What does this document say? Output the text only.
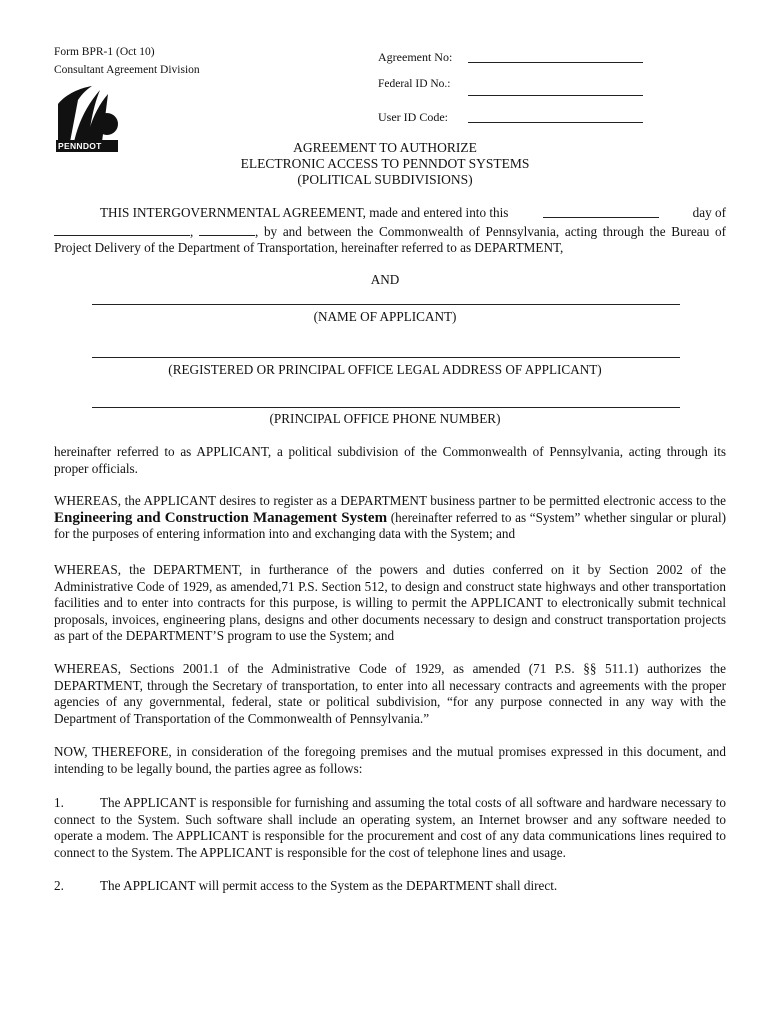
Form BPR-1 (Oct 10)
Consultant Agreement Division
PENNDOT
Agreement No:
Federal ID No.:
User ID Code:
AGREEMENT TO AUTHORIZE
ELECTRONIC ACCESS TO PENNDOT SYSTEMS
(POLITICAL SUBDIVISIONS)
THIS INTERGOVERNMENTAL AGREEMENT, made and entered into this	day of
,	, by and between the Commonwealth of Pennsylvania, acting through the Bureau of Project Delivery of the Department of Transportation, hereinafter referred to as DEPARTMENT,
AND
(NAME OF APPLICANT)
(REGISTERED OR PRINCIPAL OFFICE LEGAL ADDRESS OF APPLICANT)
(PRINCIPAL OFFICE PHONE NUMBER)
hereinafter referred to as APPLICANT, a political subdivision of the Commonwealth of Pennsylvania, acting through its proper officials.
WHEREAS, the APPLICANT desires to register as a DEPARTMENT business partner to be permitted electronic access to the Engineering and Construction Management System (hereinafter referred to as “System” whether singular or plural) for the purposes of entering information into and exchanging data with the System; and
WHEREAS, the DEPARTMENT, in furtherance of the powers and duties conferred on it by Section 2002 of the Administrative Code of 1929, as amended,71 P.S. Section 512, to design and construct state highways and other transportation facilities and to enter into contracts for this purpose, is willing to permit the APPLICANT to electronically submit technical proposals, invoices, engineering plans, designs and other documents necessary to design and construct transportation projects as part of the DEPARTMENT’S program to use the System; and
WHEREAS, Sections 2001.1 of the Administrative Code of 1929, as amended (71 P.S. §§ 511.1) authorizes the DEPARTMENT, through the Secretary of transportation, to enter into all necessary contracts and agreements with the proper agencies of any governmental, federal, state or political subdivision, “for any purpose connected in any way with the Department of Transportation of the Commonwealth of Pennsylvania.”
NOW, THEREFORE, in consideration of the foregoing premises and the mutual promises expressed in this document, and intending to be legally bound, the parties agree as follows:
1.	The APPLICANT is responsible for furnishing and assuming the total costs of all software and hardware necessary to connect to the System. Such software shall include an operating system, an Internet browser and any software needed to operate a modem. The APPLICANT is responsible for the procurement and cost of any data communications lines required to connect to the System. The APPLICANT is responsible for the cost of telephone lines and usage.
2.	The APPLICANT will permit access to the System as the DEPARTMENT shall direct.
